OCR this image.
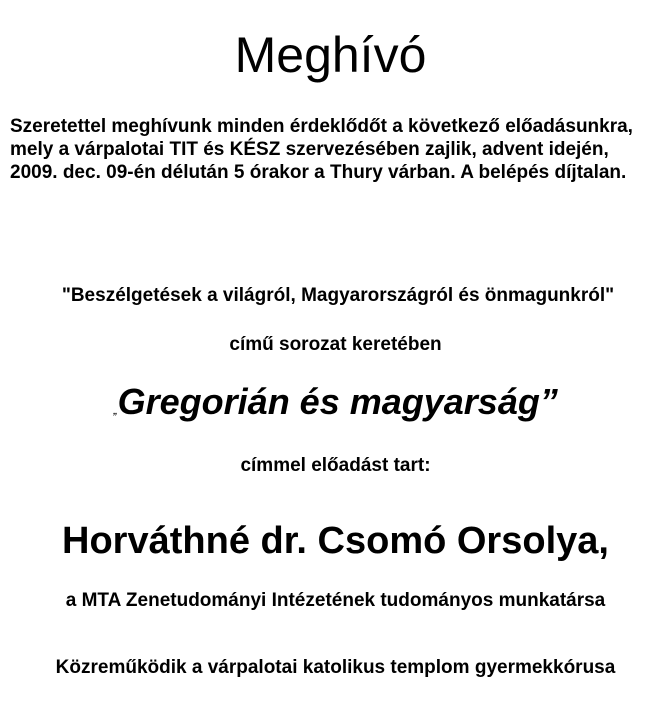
Meghívó
Szeretettel meghívunk minden érdeklődőt a következő előadásunkra, mely a várpalotai TIT és KÉSZ szervezésében zajlik, advent idején, 2009. dec. 09-én délután 5 órakor a Thury várban. A belépés díjtalan.
"Beszélgetések a világról, Magyarországról és önmagunkról"
című sorozat keretében
„Gregorián és magyarság”
címmel előadást tart:
Horváthné dr. Csomó Orsolya,
a MTA Zenetudományi Intézetének tudományos munkatársa
Közreműködik a várpalotai katolikus templom gyermekkórusa
